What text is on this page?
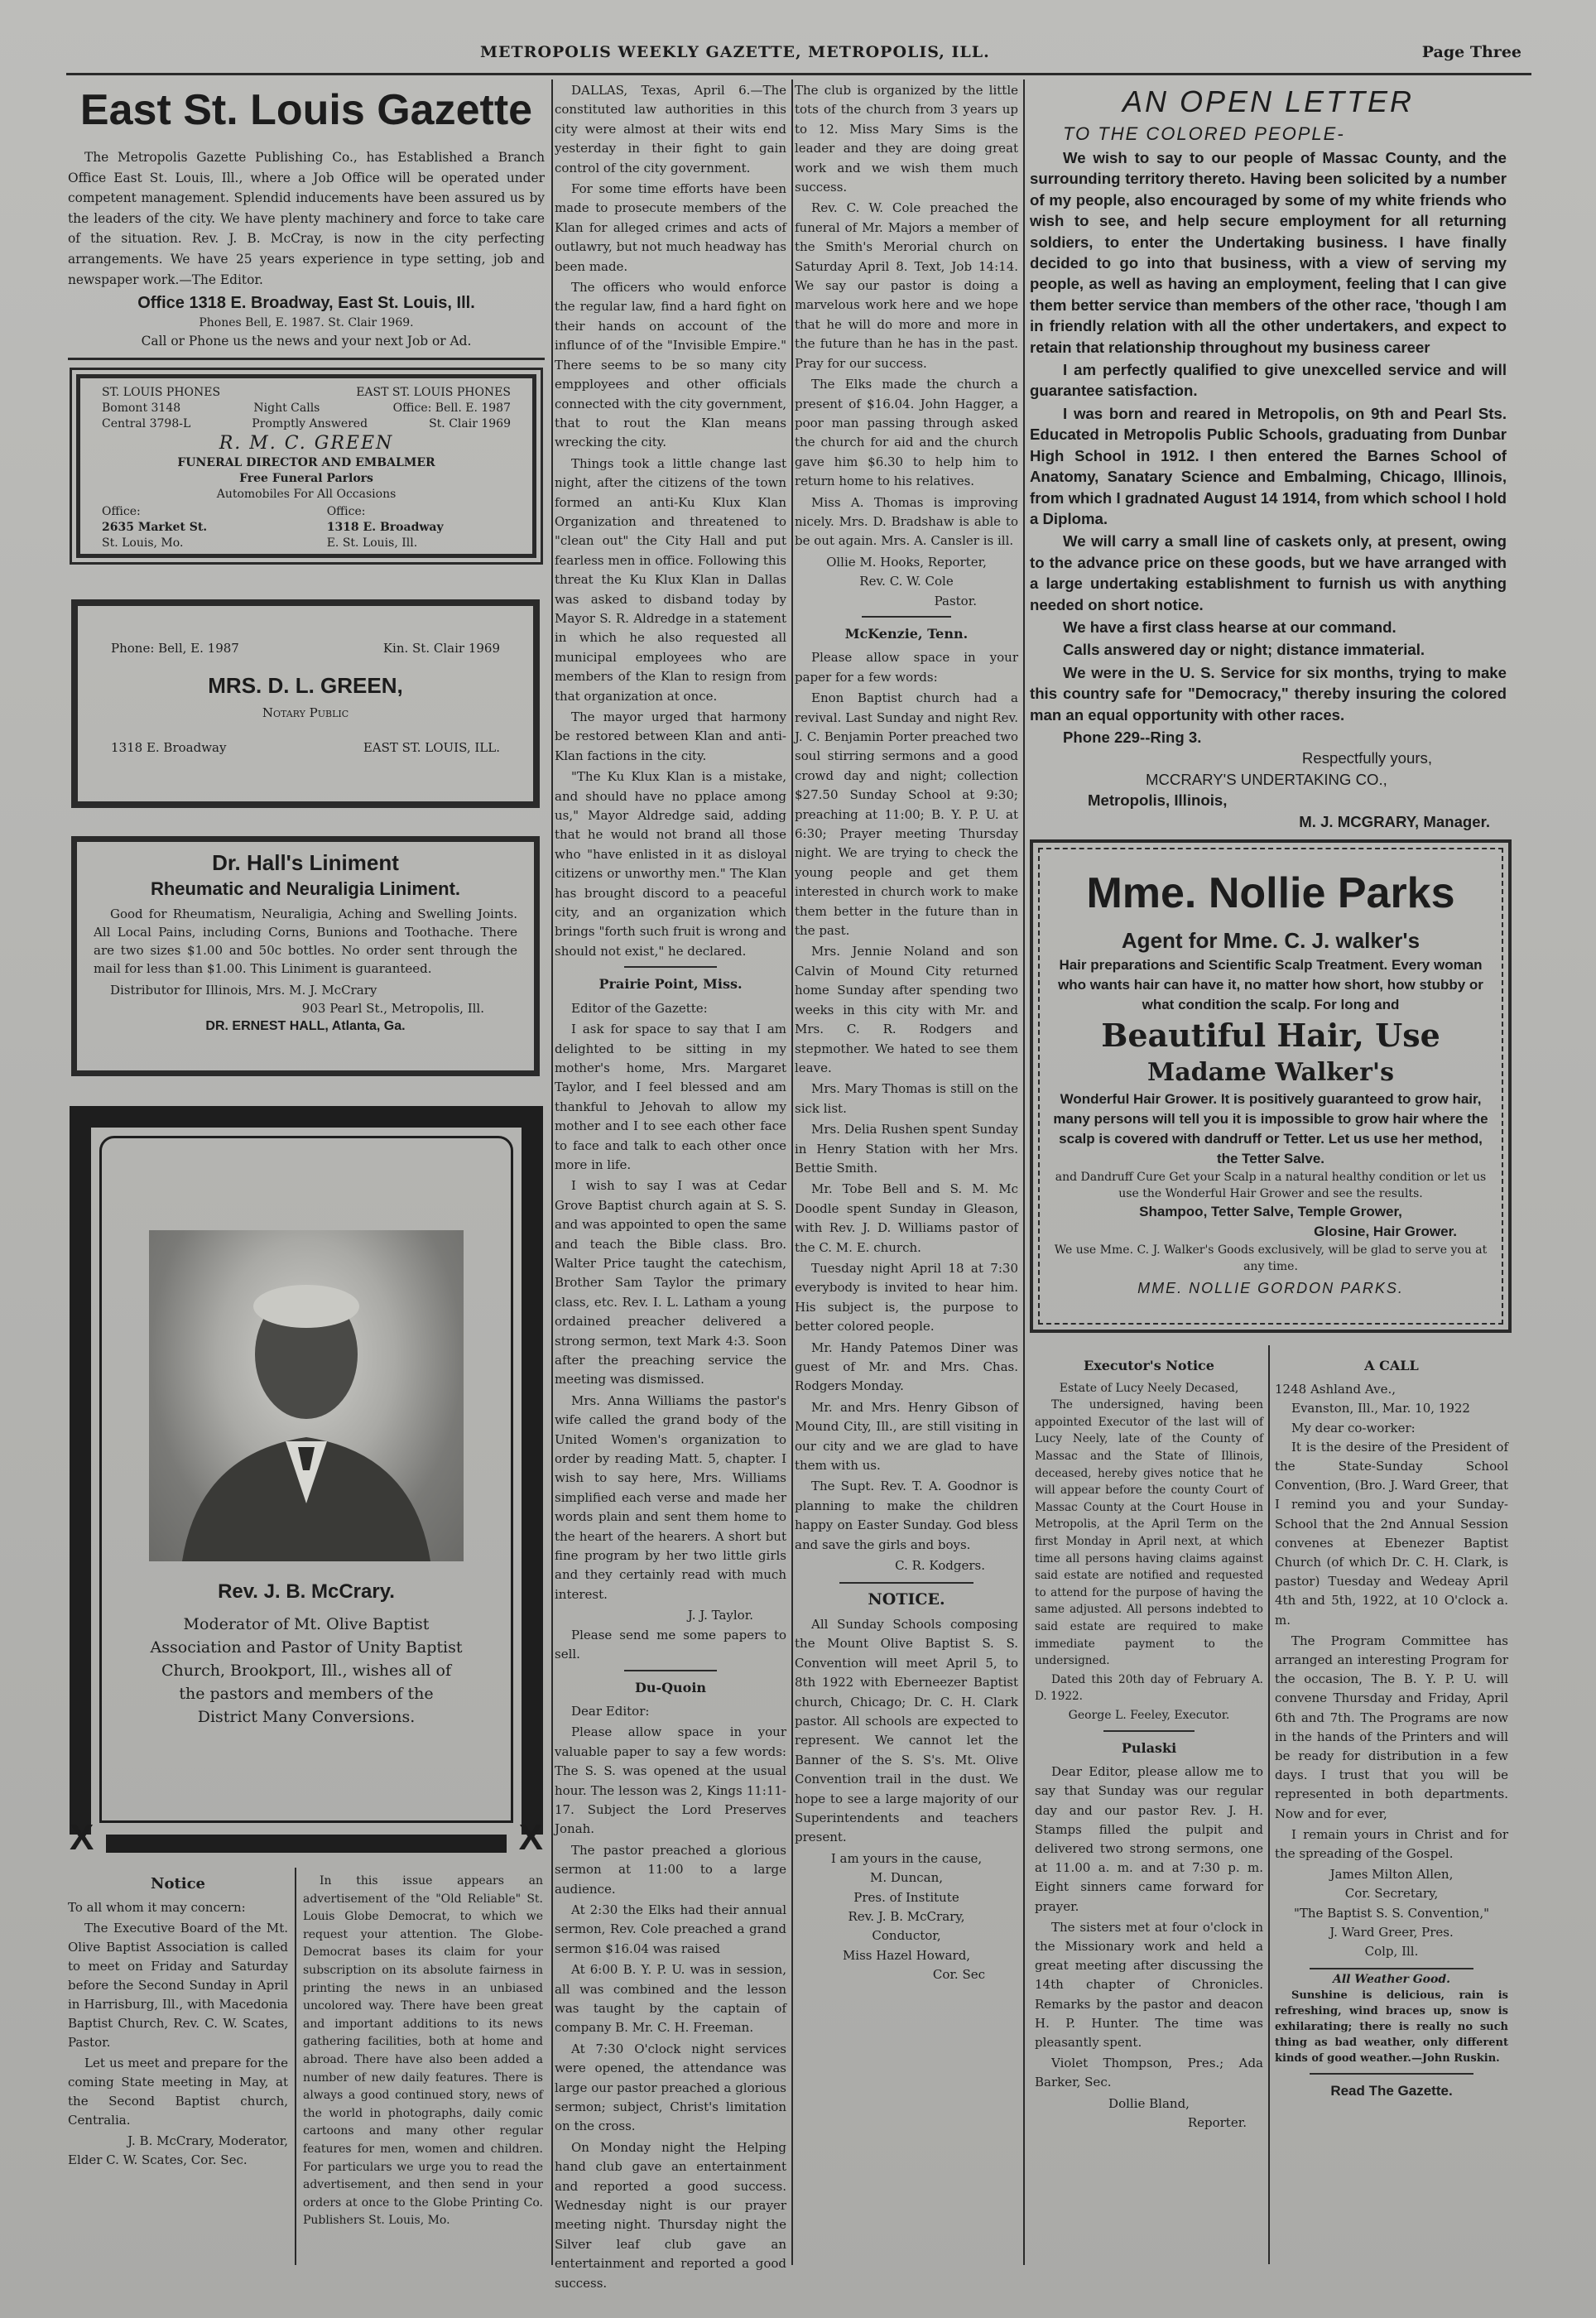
METROPOLIS WEEKLY GAZETTE, METROPOLIS, ILL.	Page Three
East St. Louis Gazette

The Metropolis Gazette Publishing Co., has Established a Branch Office East St. Louis, Ill., where a Job Office will be operated under competent management. Splendid inducements have been assured us by the leaders of the city. We have plenty machinery and force to take care of the situation. Rev. J. B. McCray, is now in the city perfecting arrangements. We have 25 years experience in type setting, job and newspaper work.—The Editor.

Office 1318 E. Broadway, East St. Louis, Ill.
Phones Bell, E. 1987. St. Clair 1969.
Call or Phone us the news and your next Job or Ad.
ST. LOUIS PHONES	EAST ST. LOUIS PHONES
Bomont 3148	Night Calls	Office: Bell. E. 1987
Central 3798-L	Promptly Answered	St. Clair 1969
R. M. C. GREEN
FUNERAL DIRECTOR AND EMBALMER
Free Funeral Parlors
Automobiles For All Occasions
Office:
2635 Market St.
St. Louis, Mo.
Office:
1318 E. Broadway
E. St. Louis, Ill.
Phone: Bell, E. 1987	Kin. St. Clair 1969
MRS. D. L. GREEN,
Notary Public
1318 E. Broadway	EAST ST. LOUIS, ILL.
Dr. Hall's Liniment
Rheumatic and Neuraligia Liniment.

Good for Rheumatism, Neuraligia, Aching and Swelling Joints. All Local Pains, including Corns, Bunions and Toothache. There are two sizes $1.00 and 50c bottles. No order sent through the mail for less than $1.00. This Liniment is guaranteed.

Distributor for Illinois, Mrs. M. J. McCrary
903 Pearl St., Metropolis, Ill.
DR. ERNEST HALL, Atlanta, Ga.
X	X
Rev. J. B. McCrary.
Moderator of Mt. Olive Baptist Association and Pastor of Unity Baptist Church, Brookport, Ill., wishes all of the pastors and members of the District Many Conversions.
Notice

To all whom it may concern:

The Executive Board of the Mt. Olive Baptist Association is called to meet on Friday and Saturday before the Second Sunday in April in Harrisburg, Ill., with Macedonia Baptist Church, Rev. C. W. Scates, Pastor.

Let us meet and prepare for the coming State meeting in May, at the Second Baptist church, Centralia.

J. B. McCrary, Moderator,
Elder C. W. Scates, Cor. Sec.

In this issue appears an advertisement of the "Old Reliable" St. Louis Globe Democrat, to which we request your attention. The Globe-Democrat bases its claim for your subscription on its absolute fairness in printing the news in an unbiased uncolored way. There have been great and important additions to its news gathering facilities, both at home and abroad. There have also been added a number of new daily features. There is always a good continued story, news of the world in photographs, daily comic cartoons and many other regular features for men, women and children. For particulars we urge you to read the advertisement, and then send in your orders at once to the Globe Printing Co. Publishers St. Louis, Mo.

DALLAS, Texas, April 6.—The constituted law authorities in this city were almost at their wits end yesterday in their fight to gain control of the city government.

For some time efforts have been made to prosecute members of the Klan for alleged crimes and acts of outlawry, but not much headway has been made.

The officers who would enforce the regular law, find a hard fight on their hands on account of the influnce of of the "Invisible Empire." There seems to be so many city empployees and other officials connected with the city government, that to rout the Klan means wrecking the city.

Things took a little change last night, after the citizens of the town formed an anti-Ku Klux Klan Organization and threatened to "clean out" the City Hall and put fearless men in office. Following this threat the Ku Klux Klan in Dallas was asked to disband today by Mayor S. R. Aldredge in a statement in which he also requested all municipal employees who are members of the Klan to resign from that organization at once.

The mayor urged that harmony be restored between Klan and anti-Klan factions in the city.

"The Ku Klux Klan is a mistake, and should have no pplace among us," Mayor Aldredge said, adding that he would not brand all those who "have enlisted in it as disloyal citizens or unworthy men." The Klan has brought discord to a peaceful city, and an organization which brings "forth such fruit is wrong and should not exist," he declared.

Prairie Point, Miss.

Editor of the Gazette:

I ask for space to say that I am delighted to be sitting in my mother's home, Mrs. Margaret Taylor, and I feel blessed and am thankful to Jehovah to allow my mother and I to see each other face to face and talk to each other once more in life.

I wish to say I was at Cedar Grove Baptist church again at S. S. and was appointed to open the same and teach the Bible class. Bro. Walter Price taught the catechism, Brother Sam Taylor the primary class, etc. Rev. I. L. Latham a young ordained preacher delivered a strong sermon, text Mark 4:3. Soon after the preaching service the meeting was dismissed.

Mrs. Anna Williams the pastor's wife called the grand body of the United Women's organization to order by reading Matt. 5, chapter. I wish to say here, Mrs. Williams simplified each verse and made her words plain and sent them home to the heart of the hearers. A short but fine program by her two little girls and they certainly read with much interest.

J. J. Taylor.

Please send me some papers to sell.

Du-Quoin

Dear Editor:

Please allow space in your valuable paper to say a few words: The S. S. was opened at the usual hour. The lesson was 2, Kings 11:11-17. Subject the Lord Preserves Jonah.

The pastor preached a glorious sermon at 11:00 to a large audience.

At 2:30 the Elks had their annual sermon, Rev. Cole preached a grand sermon $16.04 was raised

At 6:00 B. Y. P. U. was in session, all was combined and the lesson was taught by the captain of company B. Mr. C. H. Freeman.

At 7:30 O'clock night services were opened, the attendance was large our pastor preached a glorious sermon; subject, Christ's limitation on the cross.

On Monday night the Helping hand club gave an entertainment and reported a good success. Wednesday night is our prayer meeting night. Thursday night the Silver leaf club gave an entertainment and reported a good success.

The club is organized by the little tots of the church from 3 years up to 12. Miss Mary Sims is the leader and they are doing great work and we wish them much success.

Rev. C. W. Cole preached the funeral of Mr. Majors a member of the Smith's Merorial church on Saturday April 8. Text, Job 14:14. We say our pastor is doing a marvelous work here and we hope that he will do more and more in the future than he has in the past. Pray for our success.

The Elks made the church a present of $16.04. John Hagger, a poor man passing through asked the church for aid and the church gave him $6.30 to help him to return home to his relatives.

Miss A. Thomas is improving nicely. Mrs. D. Bradshaw is able to be out again. Mrs. A. Cansler is ill.

Ollie M. Hooks, Reporter,
Rev. C. W. Cole
Pastor.
McKenzie, Tenn.

Please allow space in your paper for a few words:

Enon Baptist church had a revival. Last Sunday and night Rev. J. C. Benjamin Porter preached two soul stirring sermons and a good crowd day and night; collection $27.50 Sunday School at 9:30; preaching at 11:00; B. Y. P. U. at 6:30; Prayer meeting Thursday night. We are trying to check the young people and get them interested in church work to make them better in the future than in the past.

Mrs. Jennie Noland and son Calvin of Mound City returned home Sunday after spending two weeks in this city with Mr. and Mrs. C. R. Rodgers and stepmother. We hated to see them leave.

Mrs. Mary Thomas is still on the sick list.

Mrs. Delia Rushen spent Sunday in Henry Station with her Mrs. Bettie Smith.

Mr. Tobe Bell and S. M. Mc Doodle spent Sunday in Gleason, with Rev. J. D. Williams pastor of the C. M. E. church.

Tuesday night April 18 at 7:30 everybody is invited to hear him. His subject is, the purpose to better colored people.

Mr. Handy Patemos Diner was guest of Mr. and Mrs. Chas. Rodgers Monday.

Mr. and Mrs. Henry Gibson of Mound City, Ill., are still visiting in our city and we are glad to have them with us.

The Supt. Rev. T. A. Goodnor is planning to make the children happy on Easter Sunday. God bless and save the girls and boys.

C. R. Kodgers.
NOTICE.

All Sunday Schools composing the Mount Olive Baptist S. S. Convention will meet April 5, to 8th 1922 with Eberneezer Baptist church, Chicago; Dr. C. H. Clark pastor. All schools are expected to represent. We cannot let the Banner of the S. S's. Mt. Olive Convention trail in the dust. We hope to see a large majority of our Superintendents and teachers present.

I am yours in the cause,
M. Duncan,
Pres. of Institute
Rev. J. B. McCrary,
Conductor,
Miss Hazel Howard,
Cor. Sec
AN OPEN LETTER
TO THE COLORED PEOPLE-

We wish to say to our people of Massac County, and the surrounding territory thereto. Having been solicited by a number of my people, also encouraged by some of my white friends who wish to see, and help secure employment for all returning soldiers, to enter the Undertaking business. I have finally decided to go into that business, with a view of serving my people, as well as having an employment, feeling that I can give them better service than members of the other race, 'though I am in friendly relation with all the other undertakers, and expect to retain that relationship throughout my business career

I am perfectly qualified to give unexcelled service and will guarantee satisfaction.

I was born and reared in Metropolis, on 9th and Pearl Sts. Educated in Metropolis Public Schools, graduating from Dunbar High School in 1912. I then entered the Barnes School of Anatomy, Sanatary Science and Embalming, Chicago, Illinois, from which I gradnated August 14 1914, from which school I hold a Diploma.

We will carry a small line of caskets only, at present, owing to the advance price on these goods, but we have arranged with a large undertaking establishment to furnish us with anything needed on short notice.

We have a first class hearse at our command.

Calls answered day or night; distance immaterial.

We were in the U. S. Service for six months, trying to make this country safe for "Democracy," thereby insuring the colored man an equal opportunity with other races.

Phone 229--Ring 3.
Respectfully yours,
MCCRARY'S UNDERTAKING CO.,
Metropolis, Illinois,
M. J. MCGRARY, Manager.
Mme. Nollie Parks
Agent for Mme. C. J. walker's
Hair preparations and Scientific Scalp Treatment. Every woman who wants hair can have it, no matter how short, how stubby or what condition the scalp. For long and
Beautiful Hair, Use
Madame Walker's
Wonderful Hair Grower. It is positively guaranteed to grow hair, many persons will tell you it is impossible to grow hair where the scalp is covered with dandruff or Tetter. Let us use her method, the Tetter Salve.
and Dandruff Cure Get your Scalp in a natural healthy condition or let us use the Wonderful Hair Grower and see the results.
Shampoo, Tetter Salve, Temple Grower,
Glosine, Hair Grower.
We use Mme. C. J. Walker's Goods exclusively, will be glad to serve you at any time.
MME. NOLLIE GORDON PARKS.
Executor's Notice
Estate of Lucy Neely Decased,

The undersigned, having been appointed Executor of the last will of Lucy Neely, late of the County of Massac and the State of Illinois, deceased, hereby gives notice that he will appear before the county Court of Massac County at the Court House in Metropolis, at the April Term on the first Monday in April next, at which time all persons having claims against said estate are notified and requested to attend for the purpose of having the same adjusted. All persons indebted to said estate are required to make immediate payment to the undersigned.

Dated this 20th day of February A. D. 1922.

George L. Feeley, Executor.
Pulaski

Dear Editor, please allow me to say that Sunday was our regular day and our pastor Rev. J. H. Stamps filled the pulpit and delivered two strong sermons, one at 11.00 a. m. and at 7:30 p. m. Eight sinners came forward for prayer.

The sisters met at four o'clock in the Missionary work and held a great meeting after discussing the 14th chapter of Chronicles. Remarks by the pastor and deacon H. P. Hunter. The time was pleasantly spent.

Violet Thompson, Pres.; Ada Barker, Sec.

Dollie Bland,
Reporter.
A CALL
1248 Ashland Ave.,
Evanston, Ill., Mar. 10, 1922
My dear co-worker:

It is the desire of the President of the State-Sunday School Convention, (Bro. J. Ward Greer, that I remind you and your Sunday-School that the 2nd Annual Session convenes at Ebenezer Baptist Church (of which Dr. C. H. Clark, is pastor) Tuesday and Wedeay April 4th and 5th, 1922, at 10 O'clock a. m.

The Program Committee has arranged an interesting Program for the occasion, The B. Y. P. U. will convene Thursday and Friday, April 6th and 7th. The Programs are now in the hands of the Printers and will be ready for distribution in a few days. I trust that you will be represented in both departments. Now and for ever,

I remain yours in Christ and for the spreading of the Gospel.

James Milton Allen,
Cor. Secretary,
"The Baptist S. S. Convention,"
J. Ward Greer, Pres.
Colp, Ill.
All Weather Good.

Sunshine is delicious, rain is refreshing, wind braces up, snow is exhilarating; there is really no such thing as bad weather, only different kinds of good weather.—John Ruskin.

Read The Gazette.
